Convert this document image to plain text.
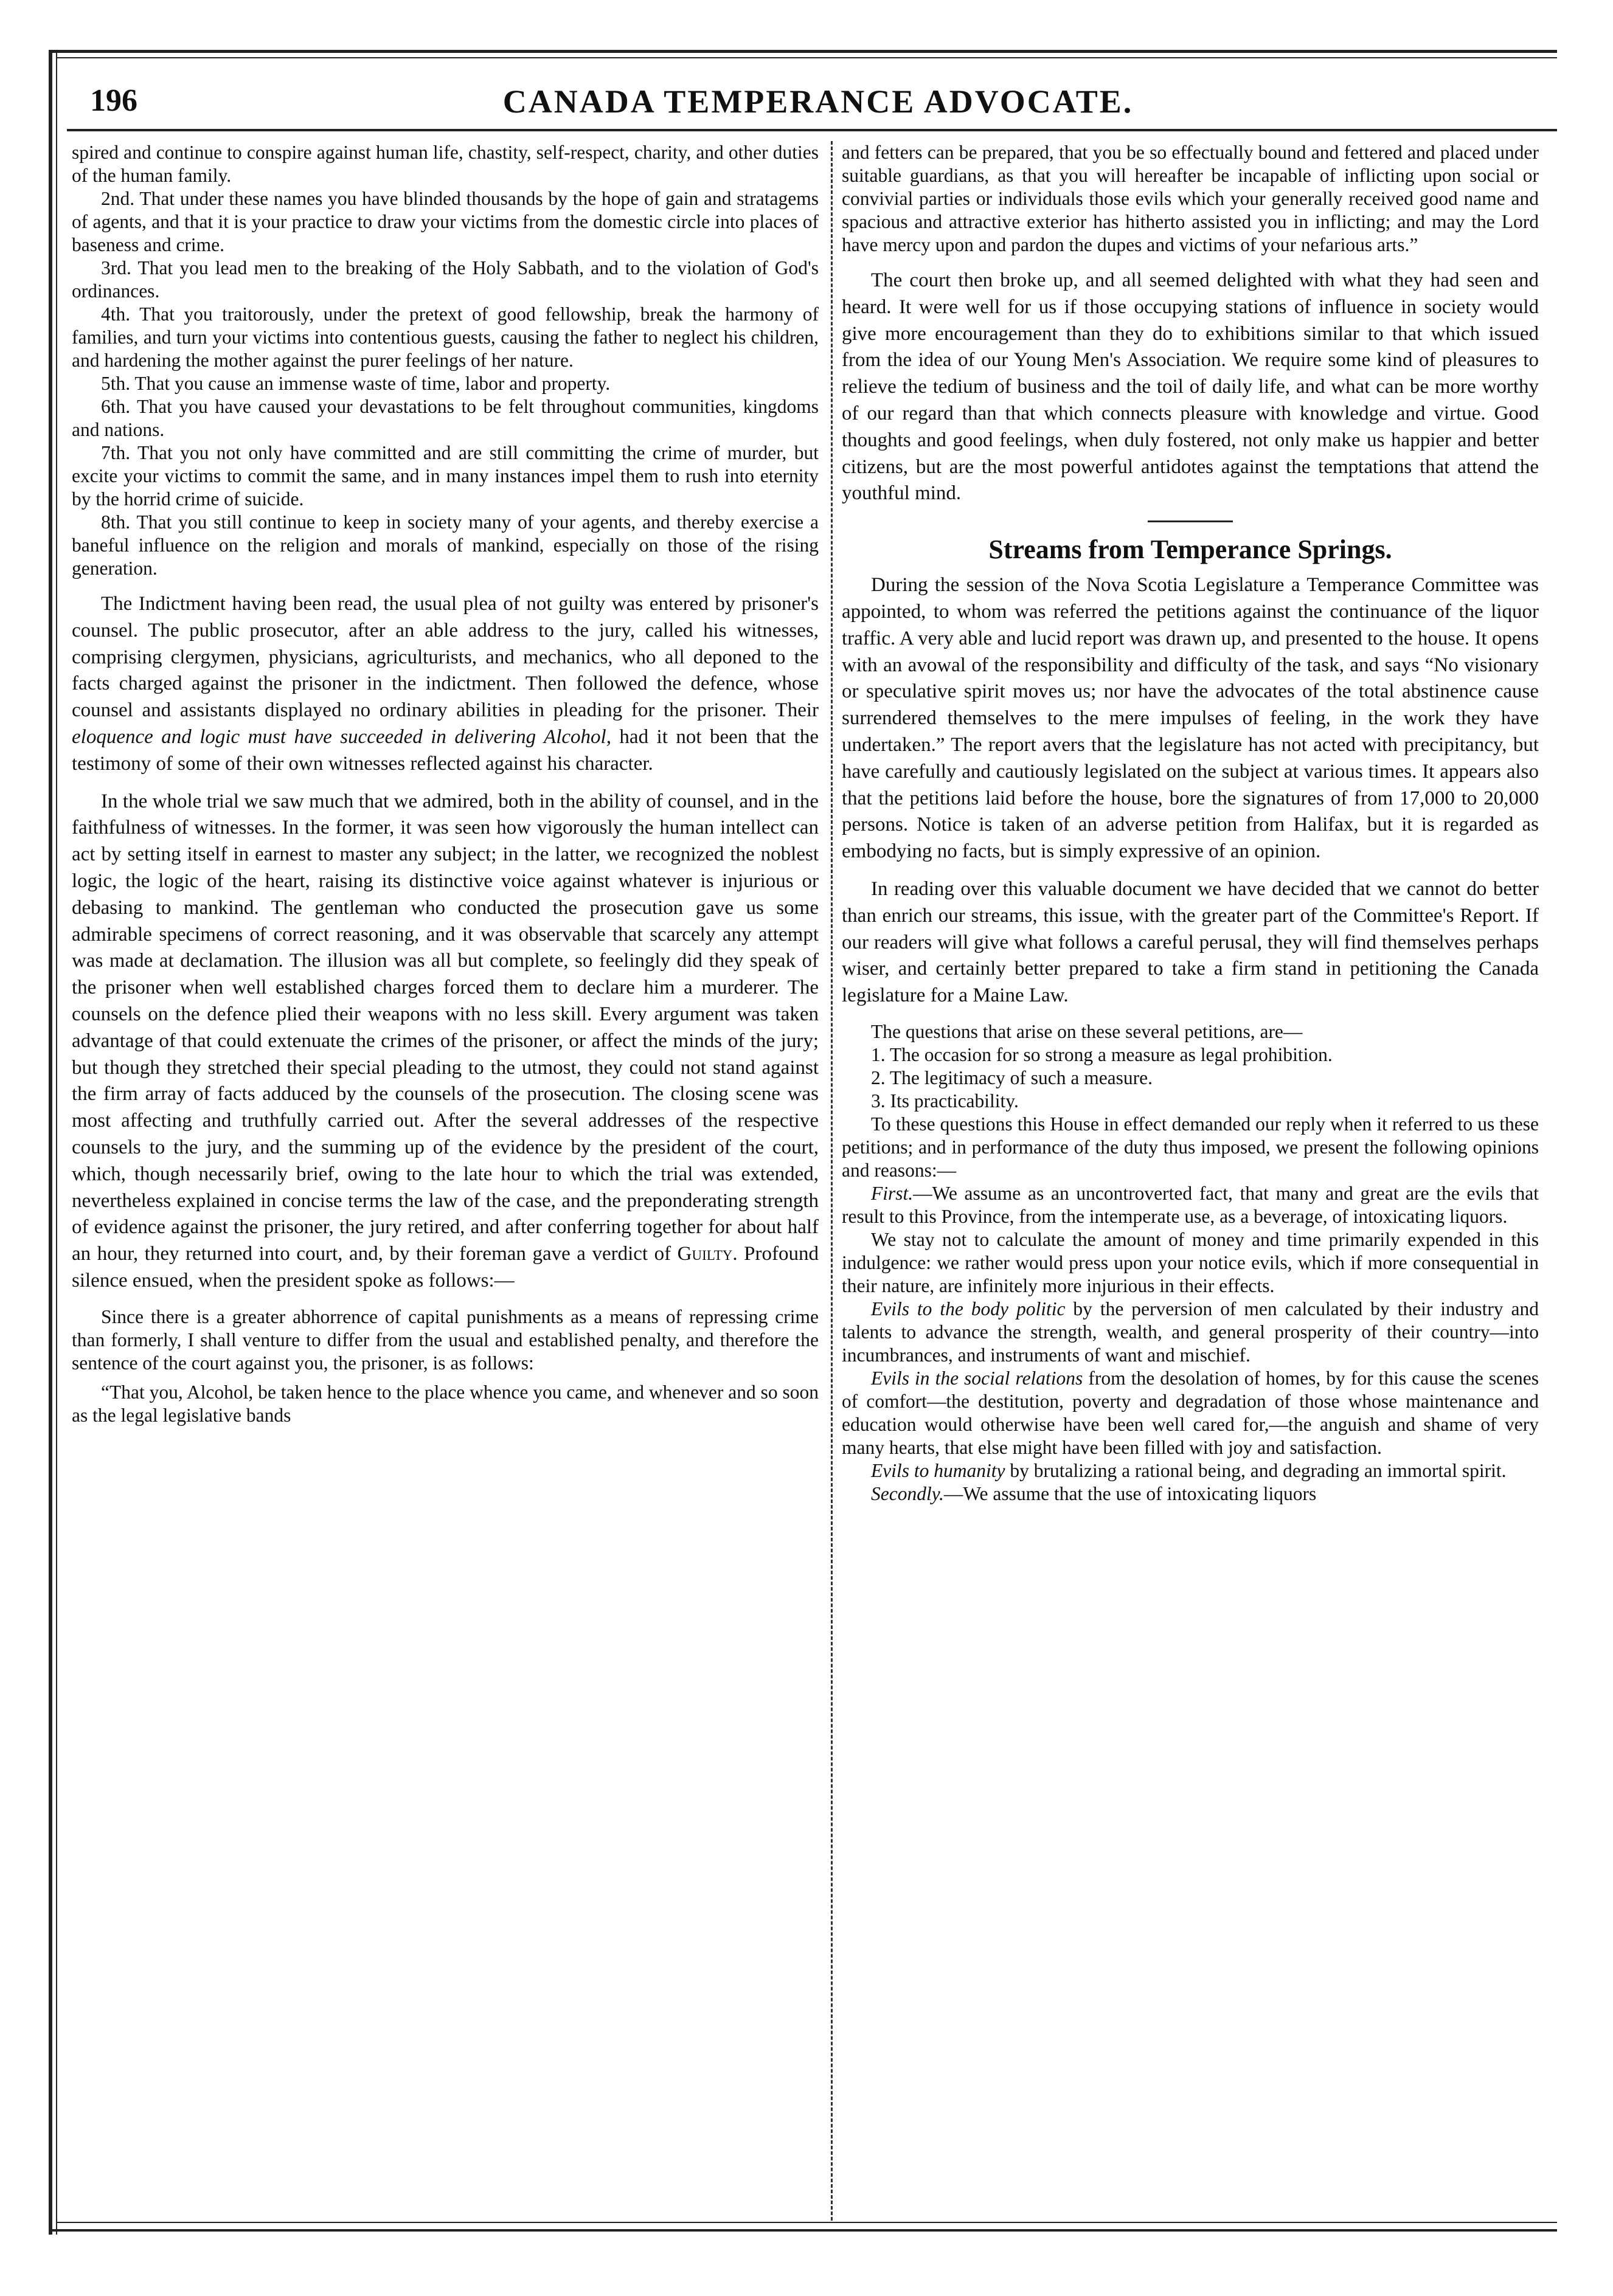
196	CANADA TEMPERANCE ADVOCATE.

spired and continue to conspire against human life, chastity, self-respect, charity, and other duties of the human family.

2nd. That under these names you have blinded thousands by the hope of gain and stratagems of agents, and that it is your practice to draw your victims from the domestic circle into places of baseness and crime.

3rd. That you lead men to the breaking of the Holy Sabbath, and to the violation of God's ordinances.

4th. That you traitorously, under the pretext of good fellowship, break the harmony of families, and turn your victims into contentious guests, causing the father to neglect his children, and hardening the mother against the purer feelings of her nature.

5th. That you cause an immense waste of time, labor and property.

6th. That you have caused your devastations to be felt throughout communities, kingdoms and nations.

7th. That you not only have committed and are still committing the crime of murder, but excite your victims to commit the same, and in many instances impel them to rush into eternity by the horrid crime of suicide.

8th. That you still continue to keep in society many of your agents, and thereby exercise a baneful influence on the religion and morals of mankind, especially on those of the rising generation.

The Indictment having been read, the usual plea of not guilty was entered by prisoner's counsel. The public prosecutor, after an able address to the jury, called his witnesses, comprising clergymen, physicians, agriculturists, and mechanics, who all deponed to the facts charged against the prisoner in the indictment. Then followed the defence, whose counsel and assistants displayed no ordinary abilities in pleading for the prisoner. Their eloquence and logic must have succeeded in delivering Alcohol, had it not been that the testimony of some of their own witnesses reflected against his character.

In the whole trial we saw much that we admired, both in the ability of counsel, and in the faithfulness of witnesses. In the former, it was seen how vigorously the human intellect can act by setting itself in earnest to master any subject; in the latter, we recognized the noblest logic, the logic of the heart, raising its distinctive voice against whatever is injurious or debasing to mankind. The gentleman who conducted the prosecution gave us some admirable specimens of correct reasoning, and it was observable that scarcely any attempt was made at declamation. The illusion was all but complete, so feelingly did they speak of the prisoner when well established charges forced them to declare him a murderer. The counsels on the defence plied their weapons with no less skill. Every argument was taken advantage of that could extenuate the crimes of the prisoner, or affect the minds of the jury; but though they stretched their special pleading to the utmost, they could not stand against the firm array of facts adduced by the counsels of the prosecution. The closing scene was most affecting and truthfully carried out. After the several addresses of the respective counsels to the jury, and the summing up of the evidence by the president of the court, which, though necessarily brief, owing to the late hour to which the trial was extended, nevertheless explained in concise terms the law of the case, and the preponderating strength of evidence against the prisoner, the jury retired, and after conferring together for about half an hour, they returned into court, and, by their foreman gave a verdict of Guilty. Profound silence ensued, when the president spoke as follows:—

Since there is a greater abhorrence of capital punishments as a means of repressing crime than formerly, I shall venture to differ from the usual and established penalty, and therefore the sentence of the court against you, the prisoner, is as follows:

“That you, Alcohol, be taken hence to the place whence you came, and whenever and so soon as the legal legislative bands

and fetters can be prepared, that you be so effectually bound and fettered and placed under suitable guardians, as that you will hereafter be incapable of inflicting upon social or convivial parties or individuals those evils which your generally received good name and spacious and attractive exterior has hitherto assisted you in inflicting; and may the Lord have mercy upon and pardon the dupes and victims of your nefarious arts.”

The court then broke up, and all seemed delighted with what they had seen and heard. It were well for us if those occupying stations of influence in society would give more encouragement than they do to exhibitions similar to that which issued from the idea of our Young Men's Association. We require some kind of pleasures to relieve the tedium of business and the toil of daily life, and what can be more worthy of our regard than that which connects pleasure with knowledge and virtue. Good thoughts and good feelings, when duly fostered, not only make us happier and better citizens, but are the most powerful antidotes against the temptations that attend the youthful mind.

Streams from Temperance Springs.

During the session of the Nova Scotia Legislature a Temperance Committee was appointed, to whom was referred the petitions against the continuance of the liquor traffic. A very able and lucid report was drawn up, and presented to the house. It opens with an avowal of the responsibility and difficulty of the task, and says “No visionary or speculative spirit moves us; nor have the advocates of the total abstinence cause surrendered themselves to the mere impulses of feeling, in the work they have undertaken.” The report avers that the legislature has not acted with precipitancy, but have carefully and cautiously legislated on the subject at various times. It appears also that the petitions laid before the house, bore the signatures of from 17,000 to 20,000 persons. Notice is taken of an adverse petition from Halifax, but it is regarded as embodying no facts, but is simply expressive of an opinion.

In reading over this valuable document we have decided that we cannot do better than enrich our streams, this issue, with the greater part of the Committee's Report. If our readers will give what follows a careful perusal, they will find themselves perhaps wiser, and certainly better prepared to take a firm stand in petitioning the Canada legislature for a Maine Law.

The questions that arise on these several petitions, are—

1. The occasion for so strong a measure as legal prohibition.

2. The legitimacy of such a measure.

3. Its practicability.

To these questions this House in effect demanded our reply when it referred to us these petitions; and in performance of the duty thus imposed, we present the following opinions and reasons:—

First.—We assume as an uncontroverted fact, that many and great are the evils that result to this Province, from the intemperate use, as a beverage, of intoxicating liquors.

We stay not to calculate the amount of money and time primarily expended in this indulgence: we rather would press upon your notice evils, which if more consequential in their nature, are infinitely more injurious in their effects.

Evils to the body politic by the perversion of men calculated by their industry and talents to advance the strength, wealth, and general prosperity of their country—into incumbrances, and instruments of want and mischief.

Evils in the social relations from the desolation of homes, by for this cause the scenes of comfort—the destitution, poverty and degradation of those whose maintenance and education would otherwise have been well cared for,—the anguish and shame of very many hearts, that else might have been filled with joy and satisfaction.

Evils to humanity by brutalizing a rational being, and degrading an immortal spirit.

Secondly.—We assume that the use of intoxicating liquors
